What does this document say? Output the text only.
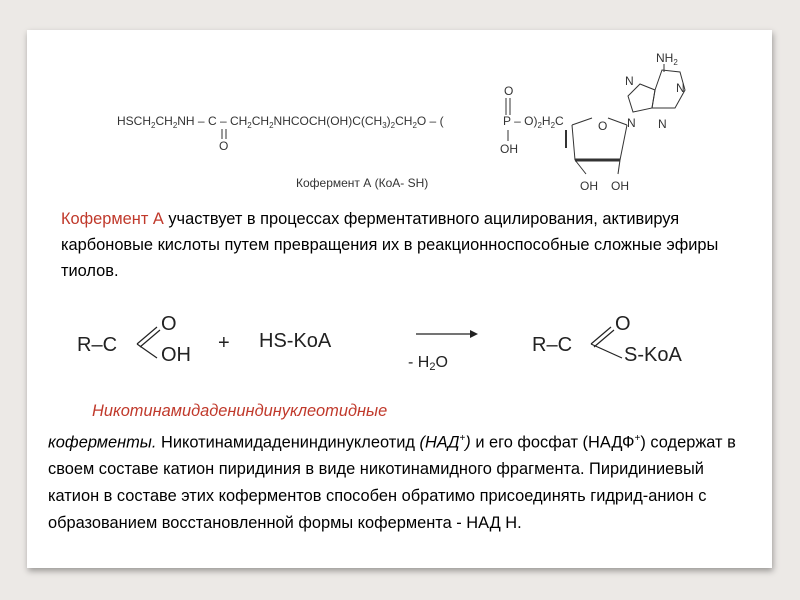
$HSCH_2CH_2NH$ – C – $CH_2CH_2NHCOCH(OH)C(CH_3)_2CH_2O$ – (	P – $O)_2H_2C$
O
O
OH
O
OH OH
N
N	N
N
$NH_2$
Кофермент А (КоА- SH)
Кофермент А участвует в процессах ферментативного ацилирования, активируя карбоновые кислоты путем превращения их в реакционноспособные сложные эфиры тиолов.
R–C
O
OH
+ HS-KoA
- H2O
R–C
O
S-KoA
Никотинамидадениндинуклеотидные
коферменты. Никотинамидадениндинуклеотид (НАД+) и его фосфат (НАДФ+) содержат в своем составе катион пиридиния в виде никотинамидного фрагмента. Пиридиниевый катион в составе этих коферментов способен обратимо присоединять гидрид-анион с образованием восстановленной формы кофермента - НАД Н.
